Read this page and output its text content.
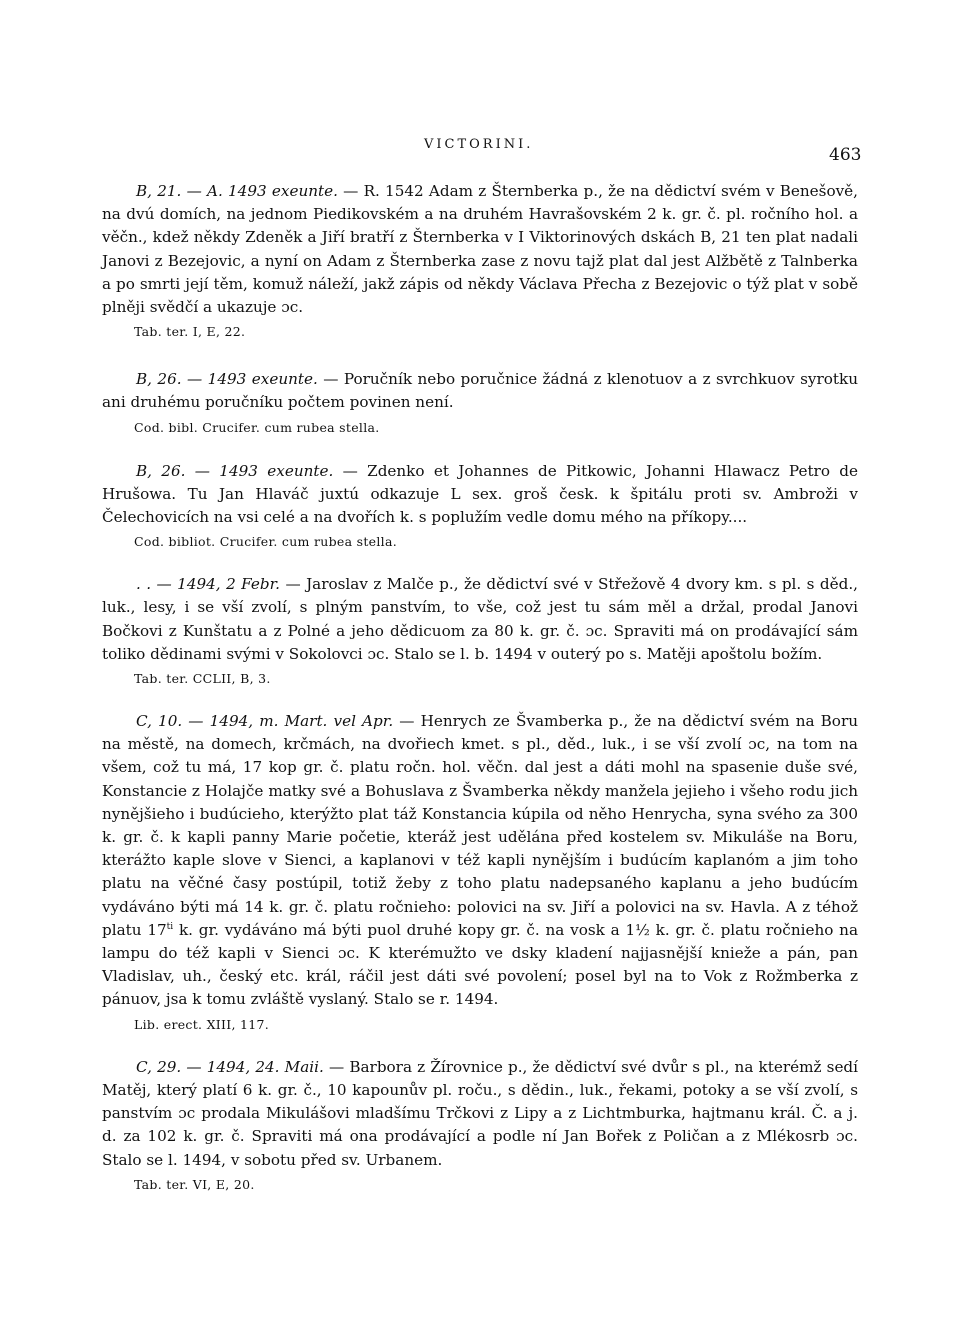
VICTORINI.
463

B, 21. — A. 1493 exeunte. — R. 1542 Adam z Šternberka p., že na dědictví svém v Benešově, na dvú domích, na jednom Piedikovském a na druhém Havrašovském 2 k. gr. č. pl. ročního hol. a věčn., kdež někdy Zdeněk a Jiří bratří z Šternberka v I Viktorinových dskách B, 21 ten plat nadali Janovi z Bezejovic, a nyní on Adam z Šternberka zase z novu tajž plat dal jest Alžbětě z Talnberka a po smrti její těm, komuž náleží, jakž zápis od někdy Václava Přecha z Bezejovic o týž plat v sobě plněji svědčí a ukazuje ɔc.

Tab. ter. I, E, 22.

B, 26. — 1493 exeunte. — Poručník nebo poručnice žádná z klenotuov a z svrchkuov syrotku ani druhému poručníku počtem povinen není.

Cod. bibl. Crucifer. cum rubea stella.

B, 26. — 1493 exeunte. — Zdenko et Johannes de Pitkowic, Johanni Hlawacz Petro de Hrušowa. Tu Jan Hlaváč juxtú odkazuje L sex. groš česk. k špitálu proti sv. Ambroži v Čelechovicích na vsi celé a na dvořích k. s poplužím vedle domu mého na příkopy....

Cod. bibliot. Crucifer. cum rubea stella.

. . — 1494, 2 Febr. — Jaroslav z Malče p., že dědictví své v Střežově 4 dvory km. s pl. s děd., luk., lesy, i se vší zvolí, s plným panstvím, to vše, což jest tu sám měl a držal, prodal Janovi Bočkovi z Kunštatu a z Polné a jeho dědicuom za 80 k. gr. č. ɔc. Spraviti má on prodávající sám toliko dědinami svými v Sokolovci ɔc. Stalo se l. b. 1494 v outerý po s. Matěji apoštolu božím.

Tab. ter. CCLII, B, 3.

C, 10. — 1494, m. Mart. vel Apr. — Henrych ze Švamberka p., že na dědictví svém na Boru na městě, na domech, krčmách, na dvořiech kmet. s pl., děd., luk., i se vší zvolí ɔc, na tom na všem, což tu má, 17 kop gr. č. platu ročn. hol. věčn. dal jest a dáti mohl na spasenie duše své, Konstancie z Holajče matky své a Bohuslava z Švamberka někdy manžela jejieho i všeho rodu jich nynějšieho i budúcieho, kterýžto plat táž Konstancia kúpila od něho Henrycha, syna svého za 300 k. gr. č. k kapli panny Marie početie, kteráž jest udělána před kostelem sv. Mikuláše na Boru, kterážto kaple slove v Sienci, a kaplanovi v též kapli nynějším i budúcím kaplanóm a jim toho platu na věčné časy postúpil, totiž žeby z toho platu nadepsaného kaplanu a jeho budúcím vydáváno býti má 14 k. gr. č. platu ročnieho: polovici na sv. Jiří a polovici na sv. Havla. A z téhož platu $17^{ti}$ k. gr. vydáváno má býti puol druhé kopy gr. č. na vosk a 1½ k. gr. č. platu ročnieho na lampu do též kapli v Sienci ɔc. K kterémužto ve dsky kladení najjasnější knieže a pán, pan Vladislav, uh., český etc. král, ráčil jest dáti své povolení; posel byl na to Vok z Rožmberka z pánuov, jsa k tomu zvláště vyslaný. Stalo se r. 1494.

Lib. erect. XIII, 117.

C, 29. — 1494, 24. Maii. — Barbora z Žírovnice p., že dědictví své dvůr s pl., na kterémž sedí Matěj, který platí 6 k. gr. č., 10 kapounův pl. roču., s dědin., luk., řekami, potoky a se vší zvolí, s panstvím ɔc prodala Mikulášovi mladšímu Trčkovi z Lipy a z Lichtmburka, hajtmanu král. Č. a j. d. za 102 k. gr. č. Spraviti má ona prodávající a podle ní Jan Bořek z Poličan a z Mlékosrb ɔc. Stalo se l. 1494, v sobotu před sv. Urbanem.

Tab. ter. VI, E, 20.
